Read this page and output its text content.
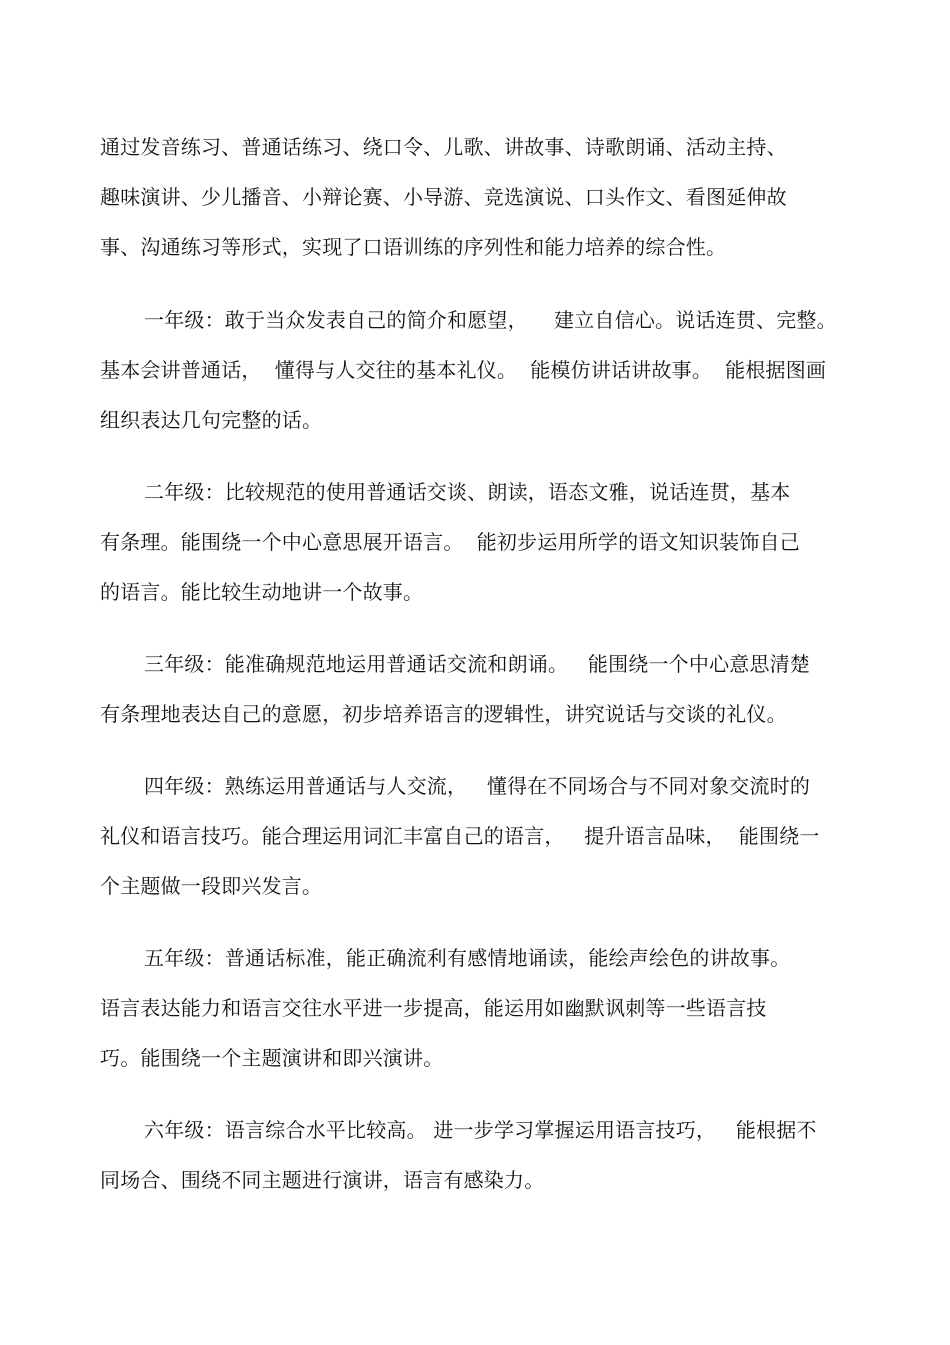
通过发音练习、普通话练习、绕口令、儿歌、讲故事、诗歌朗诵、活动主持、
趣味演讲、少儿播音、小辩论赛、小导游、竞选演说、口头作文、看图延伸故
事、沟通练习等形式，实现了口语训练的序列性和能力培养的综合性。
一年级：敢于当众发表自己的简介和愿望，    建立自信心。说话连贯、完整。
基本会讲普通话，  懂得与人交往的基本礼仪。  能模仿讲话讲故事。  能根据图画
组织表达几句完整的话。
二年级：比较规范的使用普通话交谈、朗读，语态文雅，说话连贯，基本
有条理。能围绕一个中心意思展开语言。  能初步运用所学的语文知识装饰自己
的语言。能比较生动地讲一个故事。
三年级：能准确规范地运用普通话交流和朗诵。   能围绕一个中心意思清楚
有条理地表达自己的意愿，初步培养语言的逻辑性，讲究说话与交谈的礼仪。
四年级：熟练运用普通话与人交流，   懂得在不同场合与不同对象交流时的
礼仪和语言技巧。能合理运用词汇丰富自己的语言，   提升语言品味，  能围绕一
个主题做一段即兴发言。
五年级：普通话标准，能正确流利有感情地诵读，能绘声绘色的讲故事。
语言表达能力和语言交往水平进一步提高，能运用如幽默讽刺等一些语言技
巧。能围绕一个主题演讲和即兴演讲。
六年级：语言综合水平比较高。 进一步学习掌握运用语言技巧，   能根据不
同场合、围绕不同主题进行演讲，语言有感染力。
